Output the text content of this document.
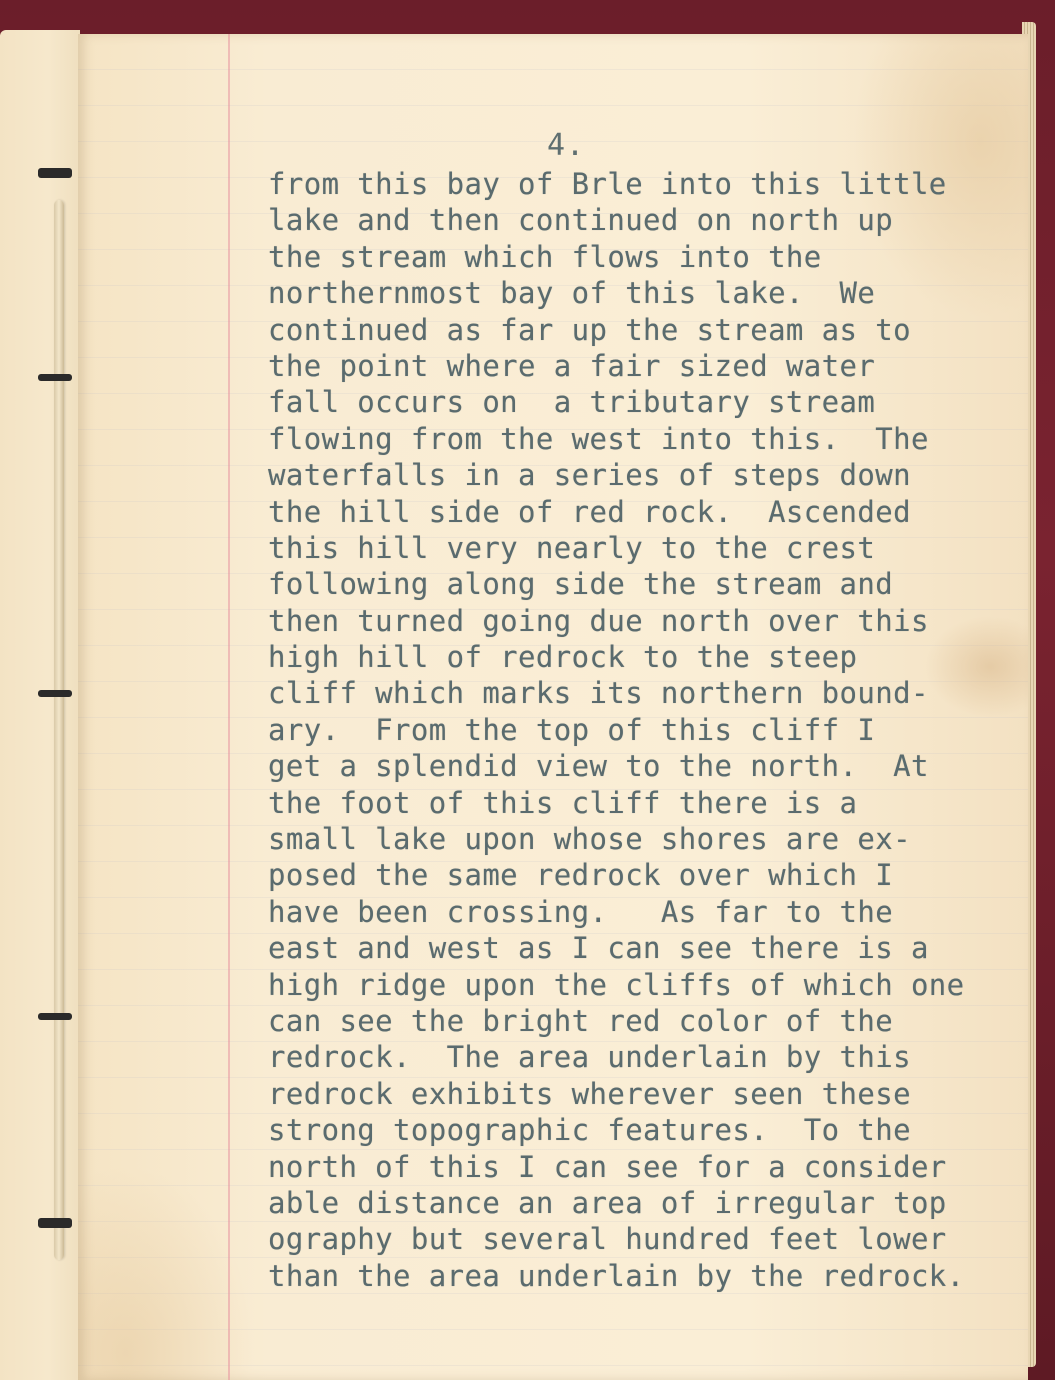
4.
from this bay of Brle into this little
lake and then continued on north up
the stream which flows into the
northernmost bay of this lake.  We
continued as far up the stream as to
the point where a fair sized water
fall occurs on  a tributary stream
flowing from the west into this.  The
waterfalls in a series of steps down
the hill side of red rock.  Ascended
this hill very nearly to the crest
following along side the stream and
then turned going due north over this
high hill of redrock to the steep
cliff which marks its northern bound-
ary.  From the top of this cliff I
get a splendid view to the north.  At
the foot of this cliff there is a
small lake upon whose shores are ex-
posed the same redrock over which I
have been crossing.   As far to the
east and west as I can see there is a
high ridge upon the cliffs of which one
can see the bright red color of the
redrock.  The area underlain by this
redrock exhibits wherever seen these
strong topographic features.  To the
north of this I can see for a consider
able distance an area of irregular top
ography but several hundred feet lower
than the area underlain by the redrock.
